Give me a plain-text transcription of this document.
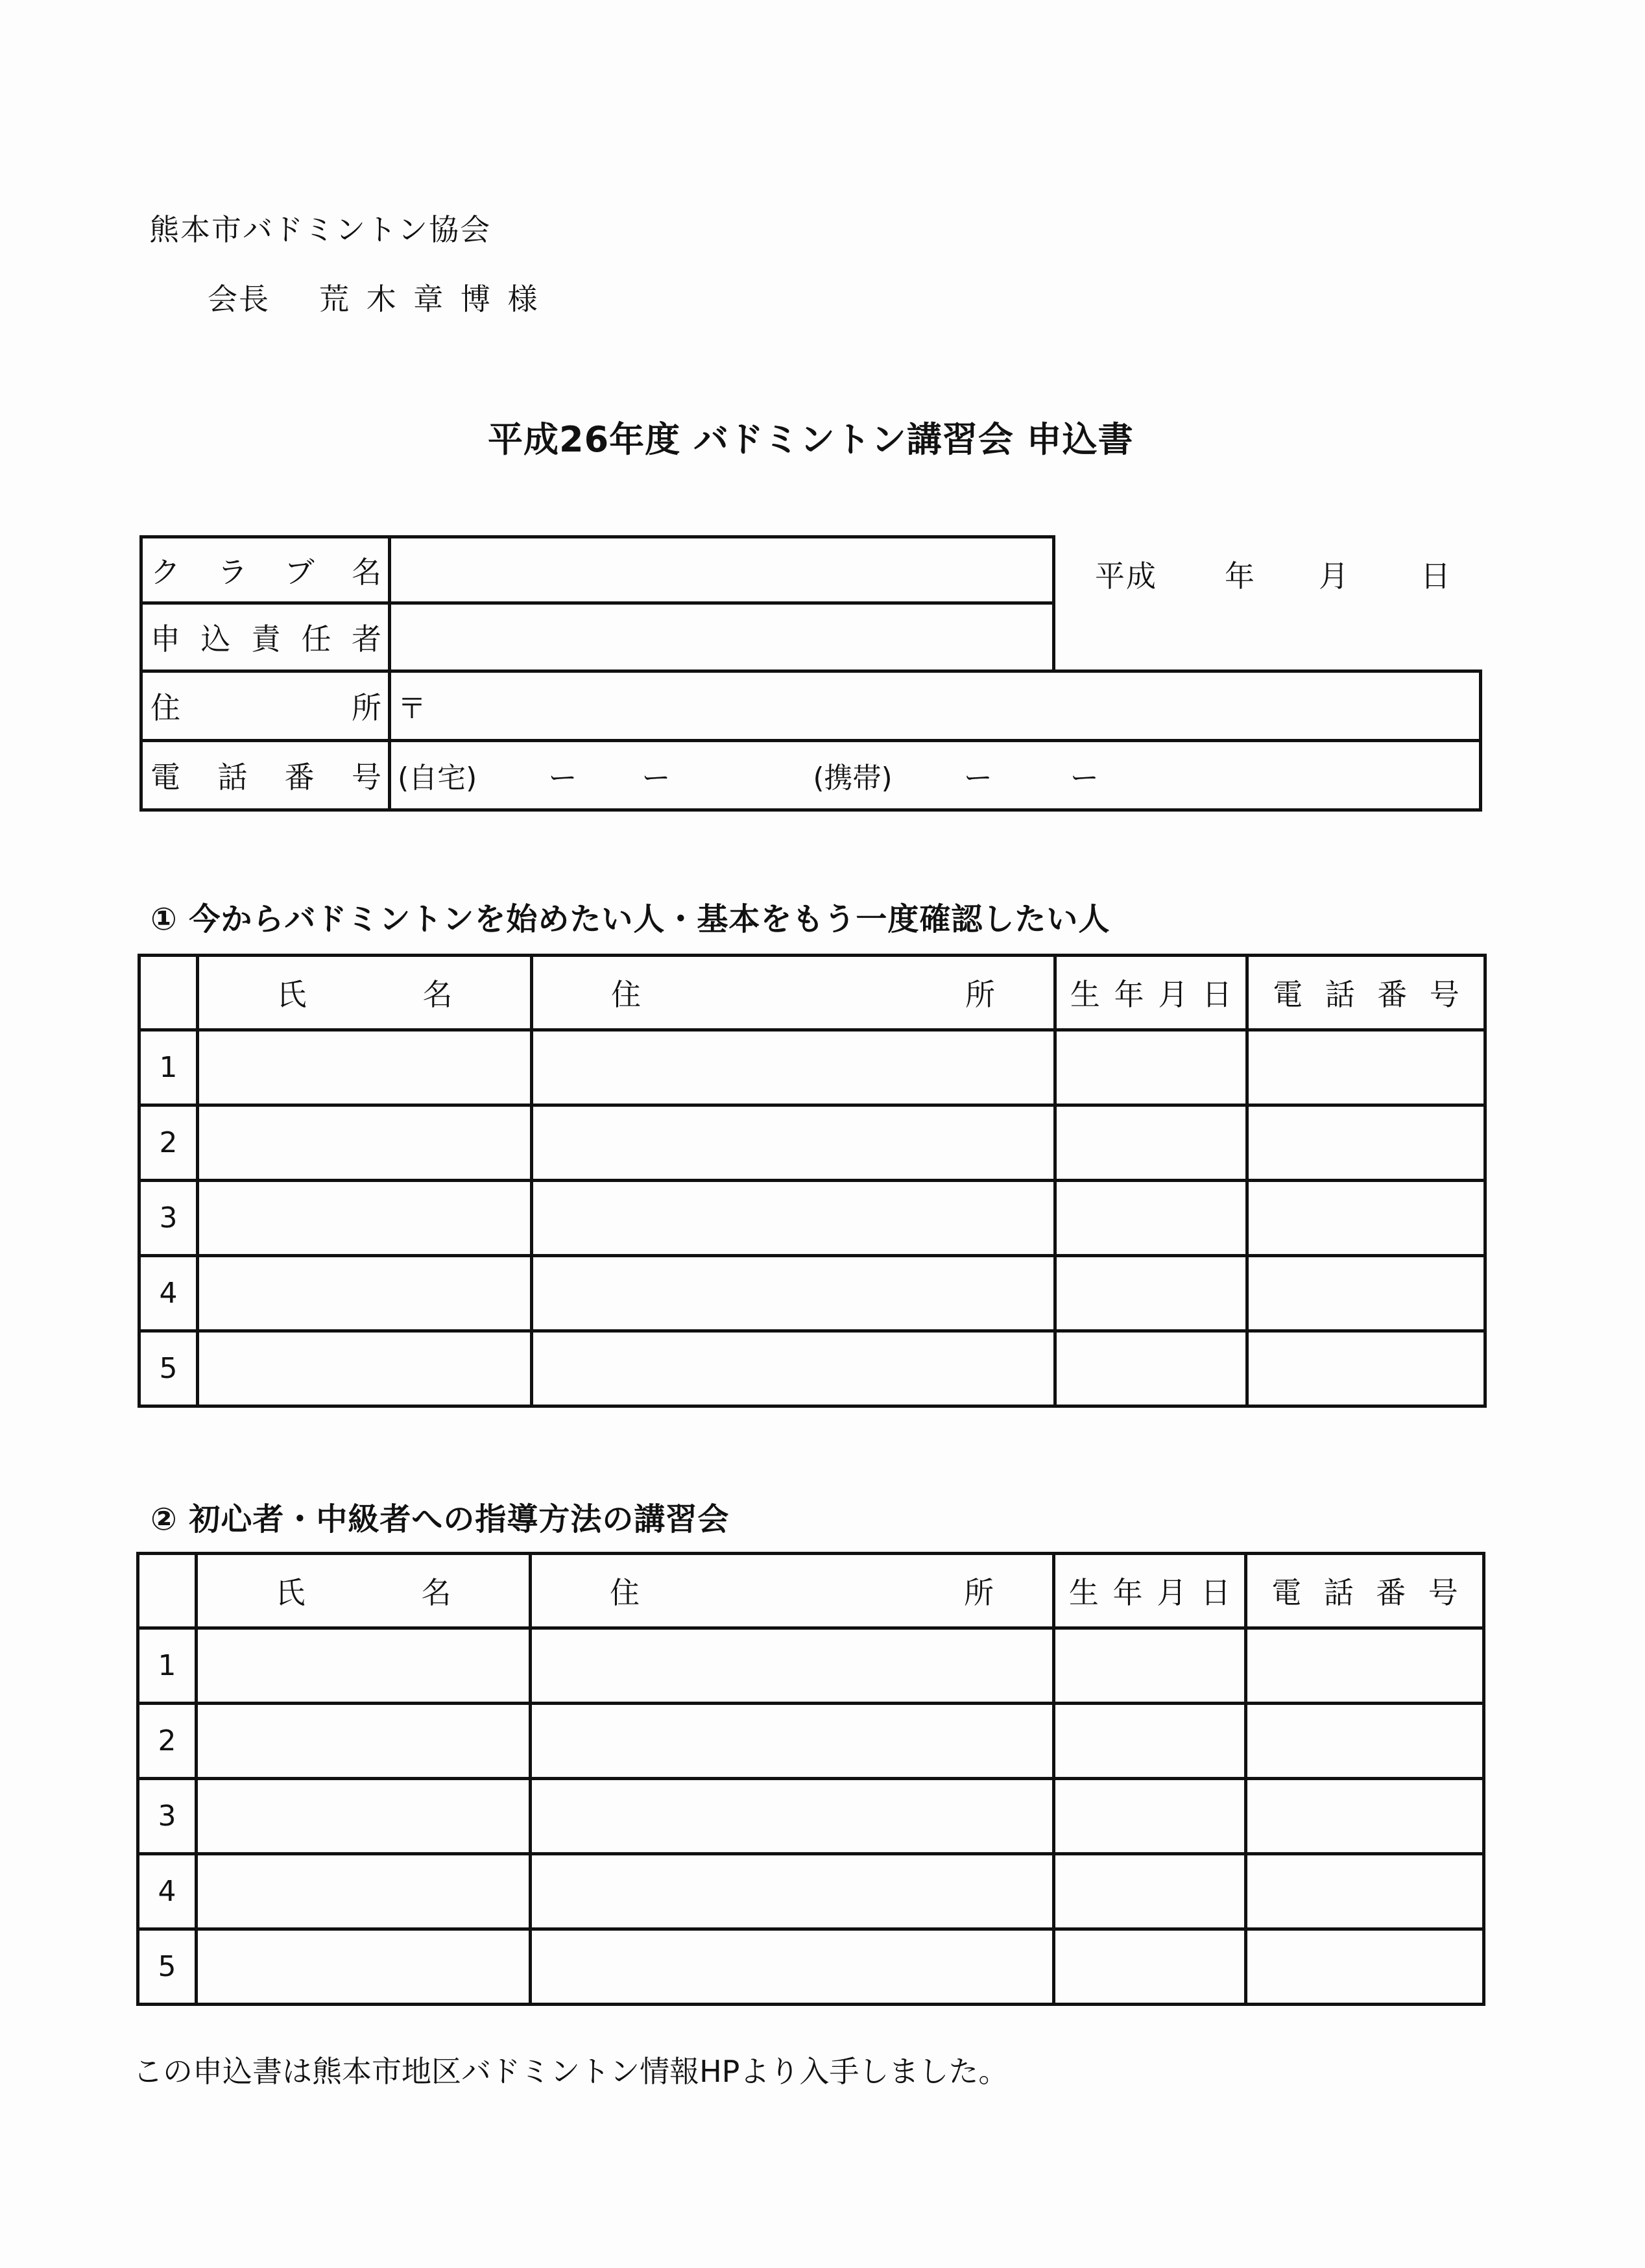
熊本市バドミントン協会
会長 荒 木 章 博 様
平成26年度 バドミントン講習会 申込書
平成 年 月 日
ク ラ ブ 名
申 込 責 任 者
住	所 〒
電 話 番 号 (自宅)	ー ー	(携帯)	ー	ー
① 今からバドミントンを始めたい人・基本をもう一度確認したい人

	氏 名	住 所	生 年 月 日	電 話 番 号

1				
2				
3				
4				
5				
② 初心者・中級者への指導方法の講習会

	氏 名	住 所	生 年 月 日	電 話 番 号

1				
2				
3				
4				
5				
この申込書は熊本市地区バドミントン情報HPより入手しました。
